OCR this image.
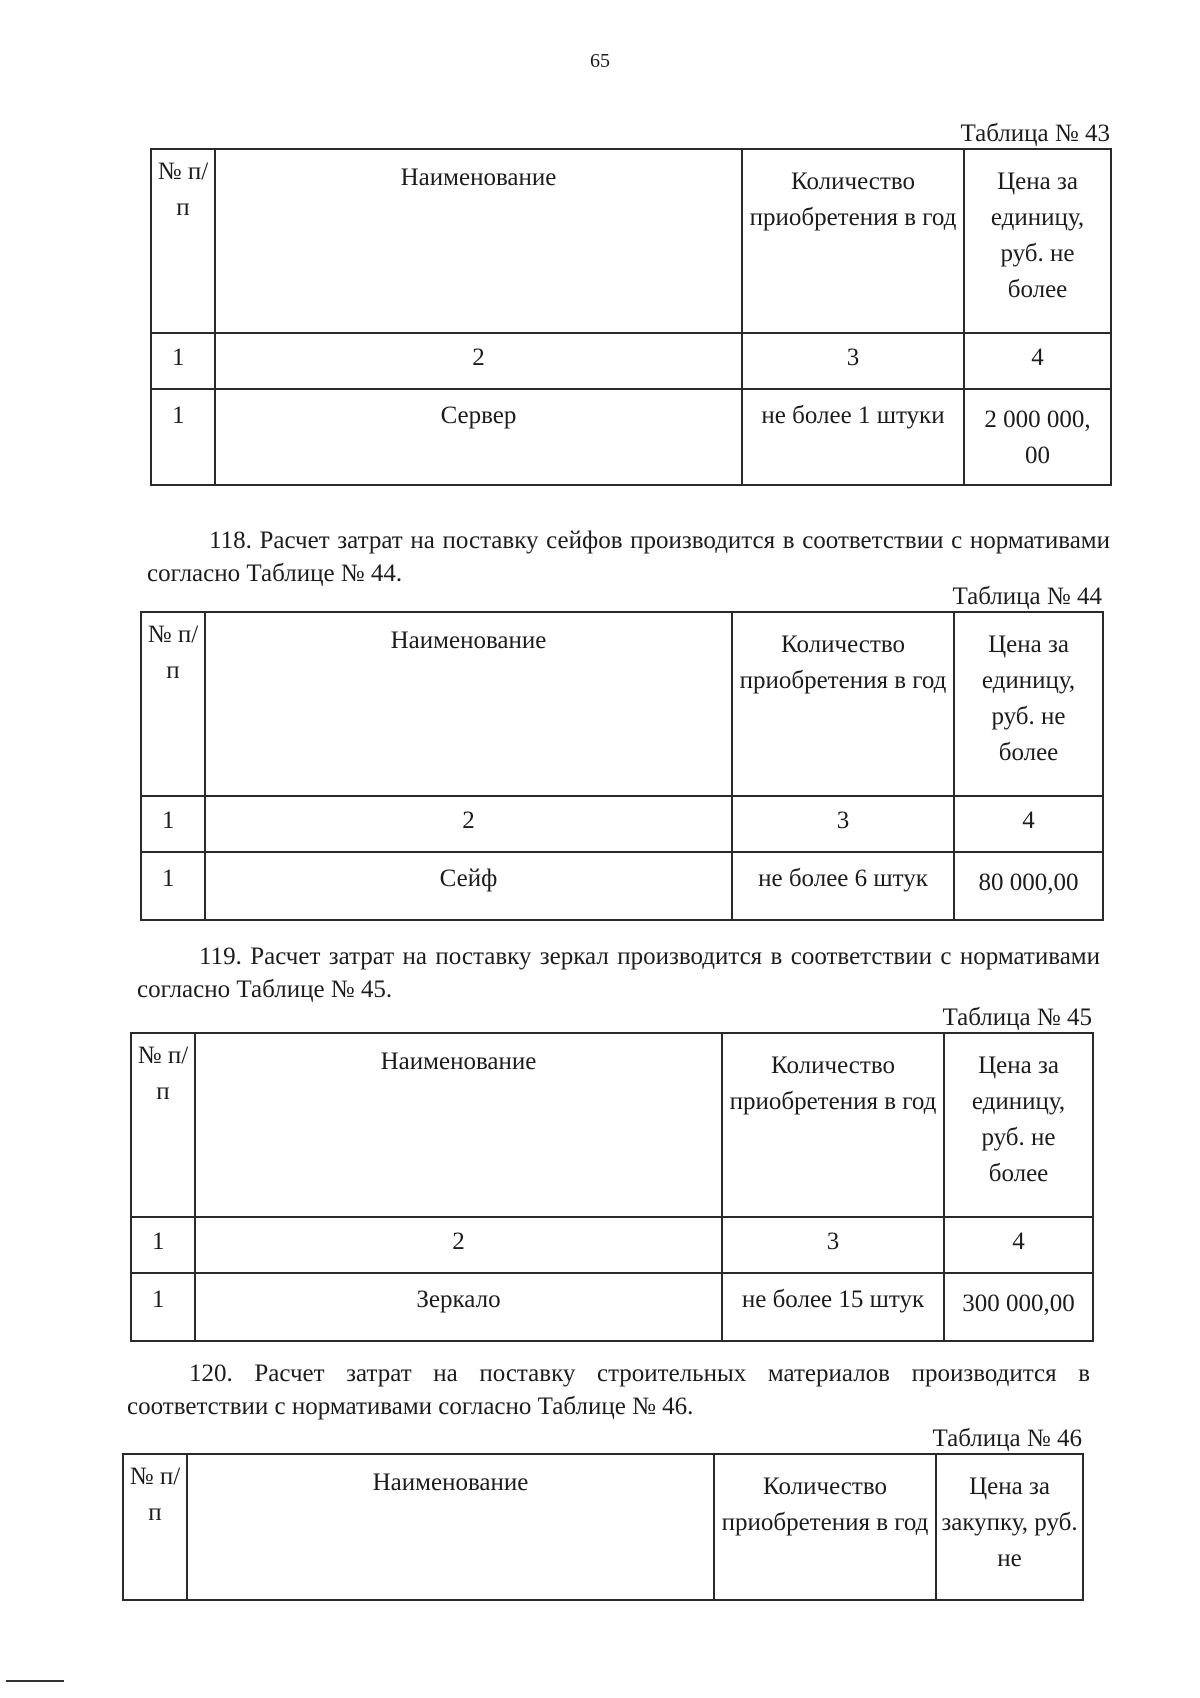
65
Таблица № 43
№ п/п	Наименование	Количество приобретения в год	Цена за единицу, руб. не более
1	2	3	4
1	Сервер	не более 1 штуки	2 000 000, 00
118. Расчет затрат на поставку сейфов производится в соответствии с нормативами согласно Таблице № 44.
Таблица № 44
№ п/п	Наименование	Количество приобретения в год	Цена за единицу, руб. не более
1	2	3	4
1	Сейф	не более 6 штук	80 000,00
119. Расчет затрат на поставку зеркал производится в соответствии с нормативами согласно Таблице № 45.
Таблица № 45
№ п/п	Наименование	Количество приобретения в год	Цена за единицу, руб. не более
1	2	3	4
1	Зеркало	не более 15 штук	300 000,00
120. Расчет затрат на поставку строительных материалов производится в соответствии с нормативами согласно Таблице № 46.
Таблица № 46
№ п/п	Наименование	Количество приобретения в год	Цена за закупку, руб. не
